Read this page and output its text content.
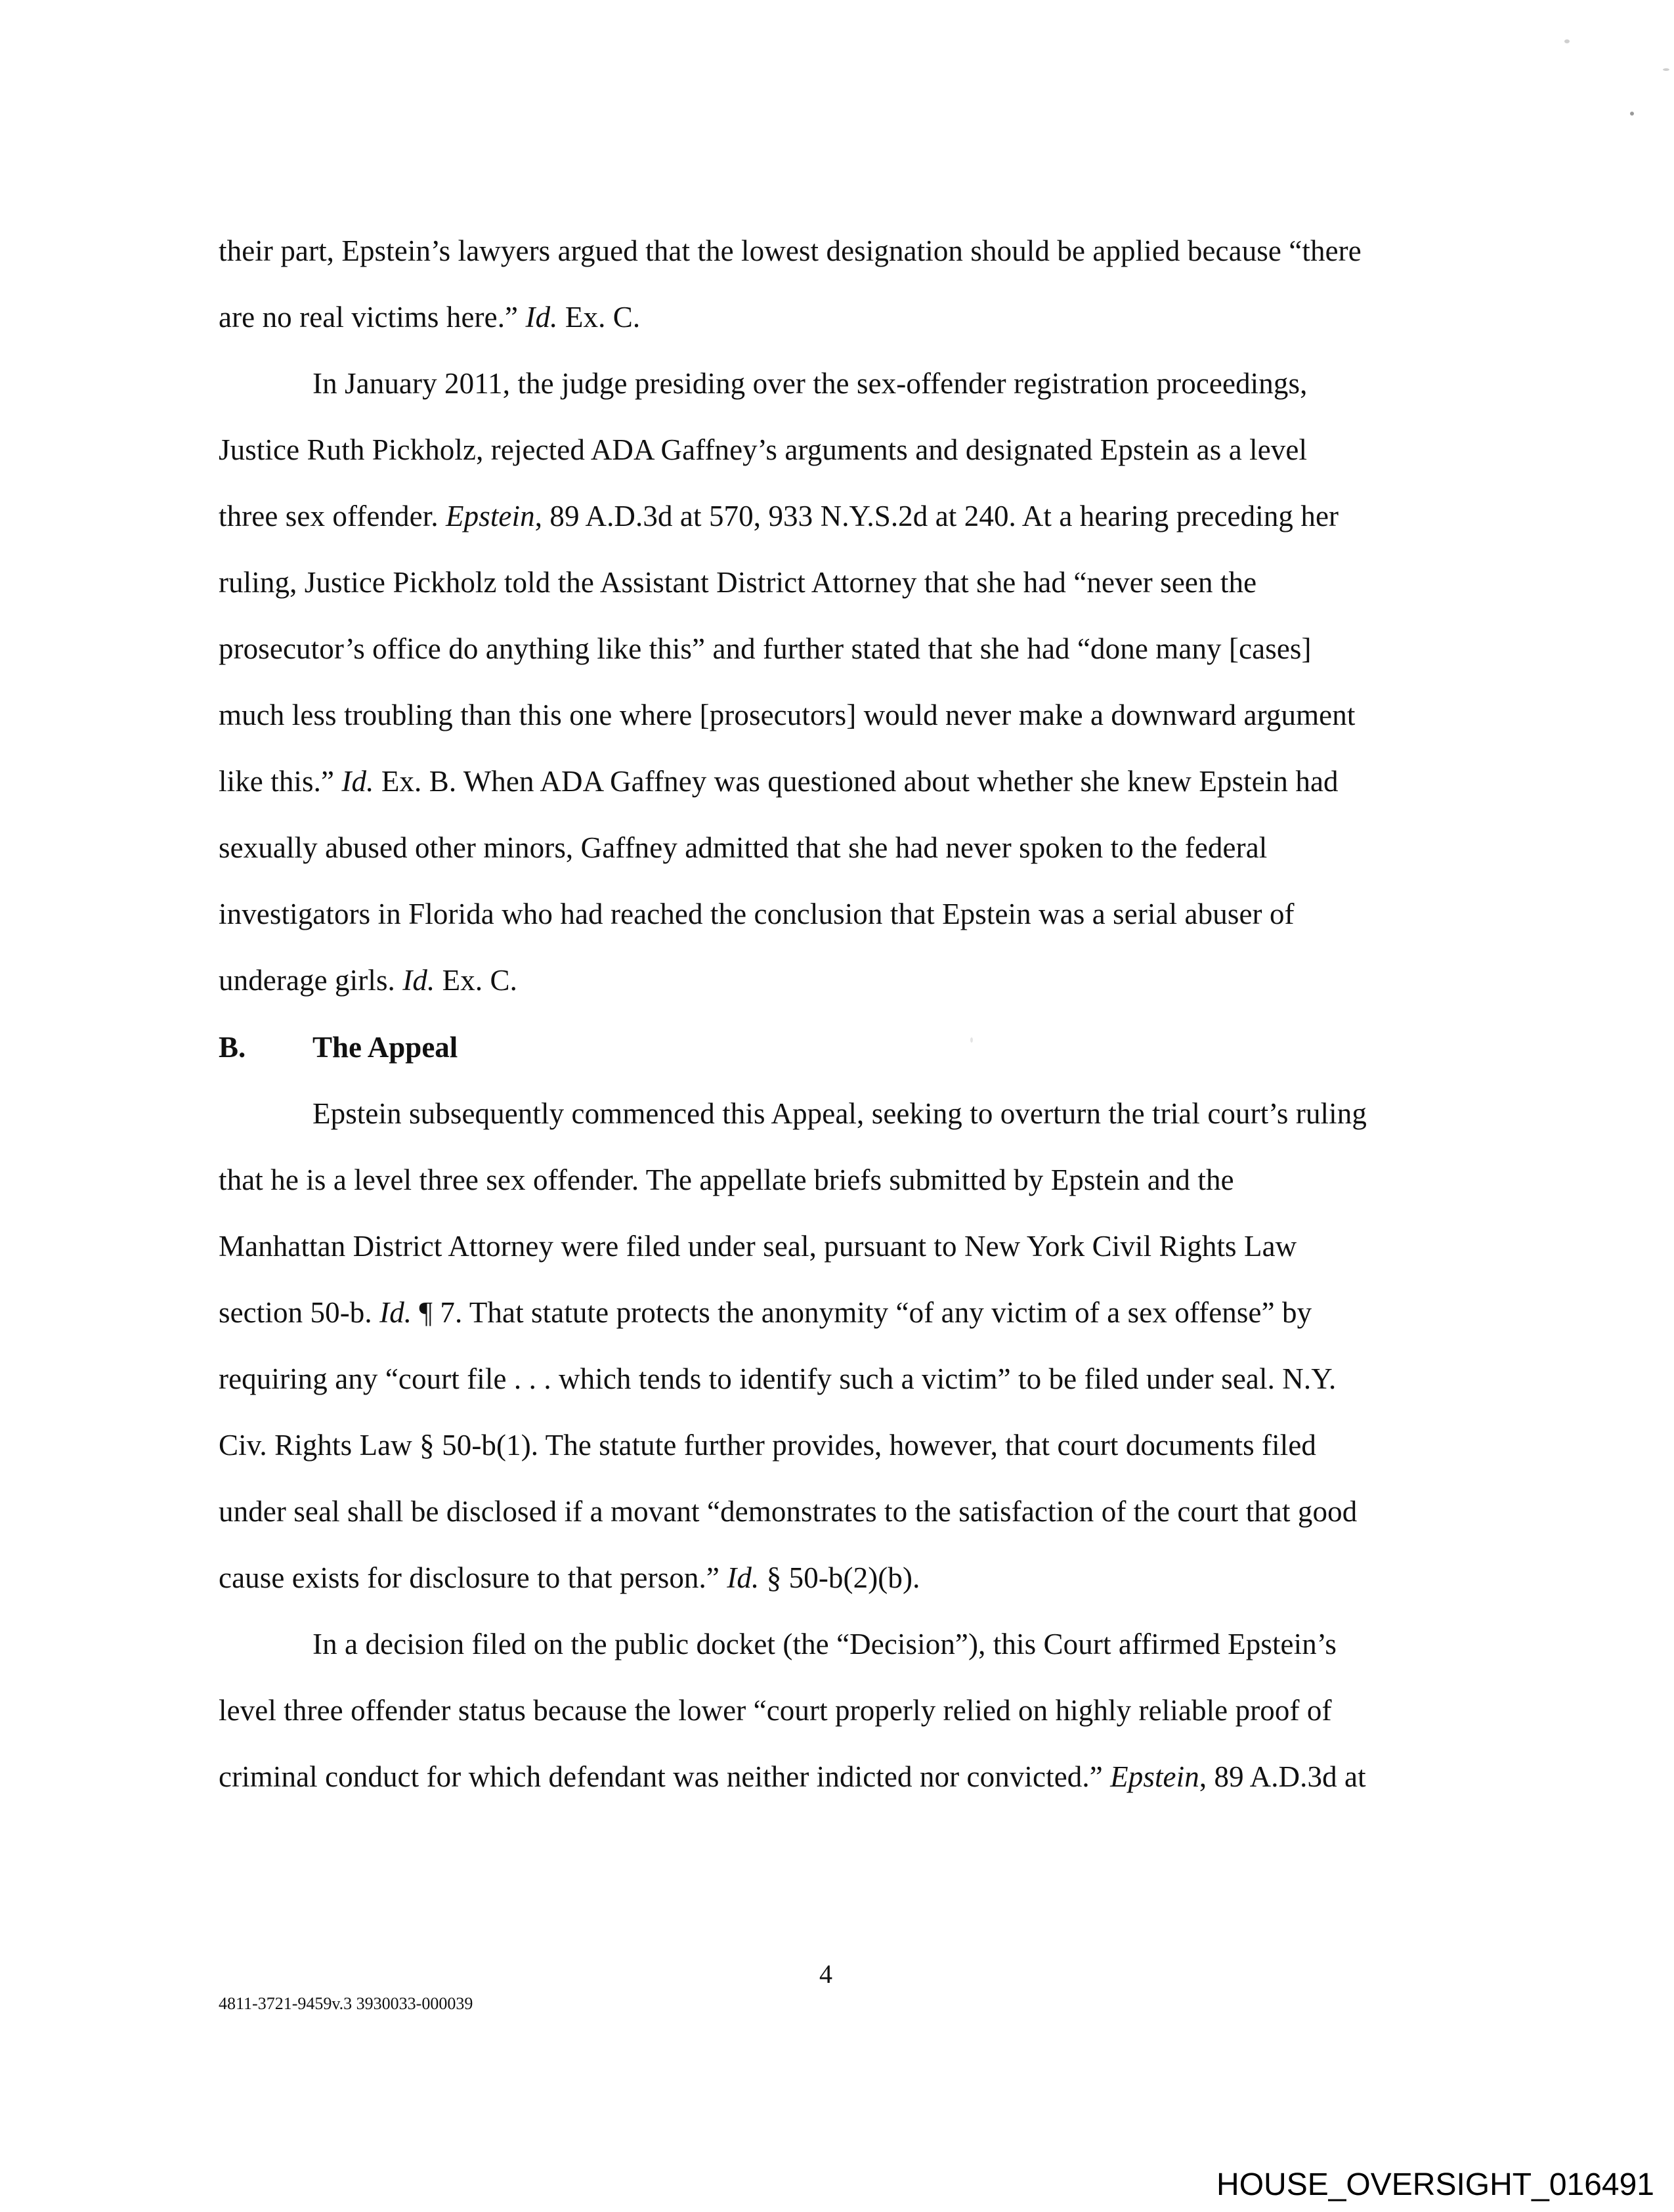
their part, Epstein’s lawyers argued that the lowest designation should be applied because “there
are no real victims here.” Id. Ex. C.
In January 2011, the judge presiding over the sex-offender registration proceedings,
Justice Ruth Pickholz, rejected ADA Gaffney’s arguments and designated Epstein as a level
three sex offender. Epstein, 89 A.D.3d at 570, 933 N.Y.S.2d at 240. At a hearing preceding her
ruling, Justice Pickholz told the Assistant District Attorney that she had “never seen the
prosecutor’s office do anything like this” and further stated that she had “done many [cases]
much less troubling than this one where [prosecutors] would never make a downward argument
like this.” Id. Ex. B. When ADA Gaffney was questioned about whether she knew Epstein had
sexually abused other minors, Gaffney admitted that she had never spoken to the federal
investigators in Florida who had reached the conclusion that Epstein was a serial abuser of
underage girls. Id. Ex. C.
B. The Appeal
Epstein subsequently commenced this Appeal, seeking to overturn the trial court’s ruling
that he is a level three sex offender. The appellate briefs submitted by Epstein and the
Manhattan District Attorney were filed under seal, pursuant to New York Civil Rights Law
section 50-b. Id. ¶ 7. That statute protects the anonymity “of any victim of a sex offense” by
requiring any “court file . . . which tends to identify such a victim” to be filed under seal. N.Y.
Civ. Rights Law § 50-b(1). The statute further provides, however, that court documents filed
under seal shall be disclosed if a movant “demonstrates to the satisfaction of the court that good
cause exists for disclosure to that person.” Id. § 50-b(2)(b).
In a decision filed on the public docket (the “Decision”), this Court affirmed Epstein’s
level three offender status because the lower “court properly relied on highly reliable proof of
criminal conduct for which defendant was neither indicted nor convicted.” Epstein, 89 A.D.3d at
4
4811-3721-9459v.3 3930033-000039
HOUSE_OVERSIGHT_016491
